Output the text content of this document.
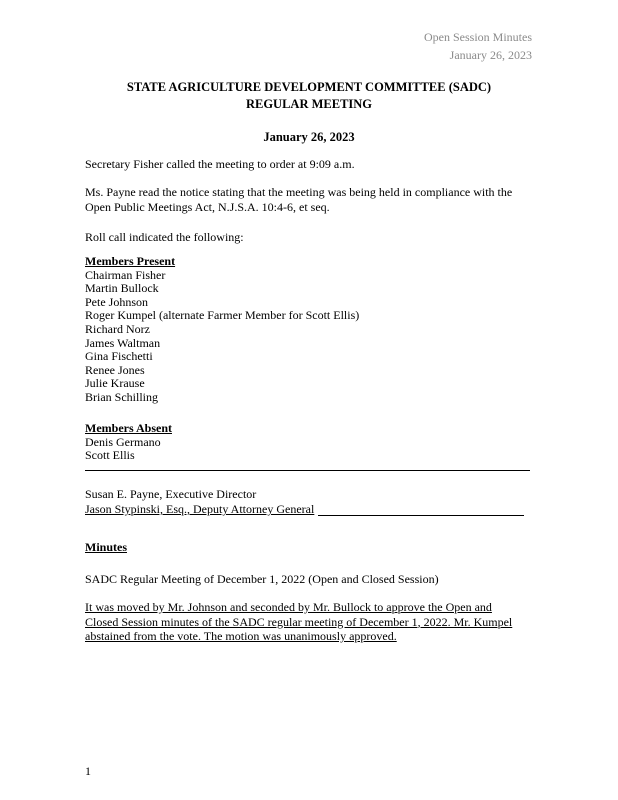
Open Session Minutes
January 26, 2023
STATE AGRICULTURE DEVELOPMENT COMMITTEE (SADC)
REGULAR MEETING
January 26, 2023
Secretary Fisher called the meeting to order at 9:09 a.m.
Ms. Payne read the notice stating that the meeting was being held in compliance with the Open Public Meetings Act, N.J.S.A. 10:4-6, et seq.
Roll call indicated the following:
Members Present
Chairman Fisher
Martin Bullock
Pete Johnson
Roger Kumpel (alternate Farmer Member for Scott Ellis)
Richard Norz
James Waltman
Gina Fischetti
Renee Jones
Julie Krause
Brian Schilling
Members Absent
Denis Germano
Scott Ellis
Susan E. Payne, Executive Director
Jason Stypinski, Esq., Deputy Attorney General
Minutes
SADC Regular Meeting of December 1, 2022 (Open and Closed Session)
It was moved by Mr. Johnson and seconded by Mr. Bullock to approve the Open and
Closed Session minutes of the SADC regular meeting of December 1, 2022. Mr. Kumpel
abstained from the vote. The motion was unanimously approved.
1
